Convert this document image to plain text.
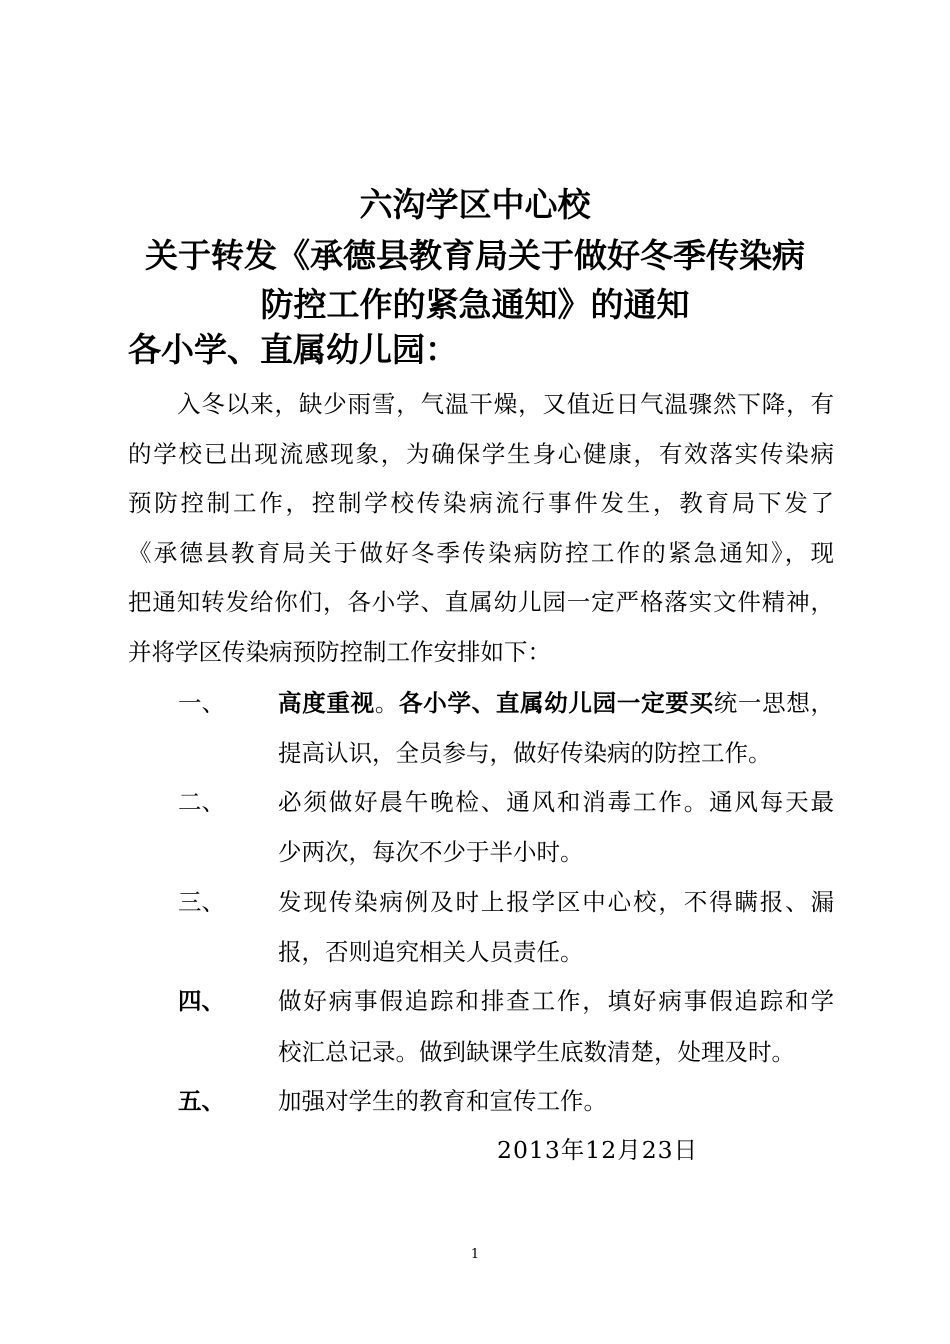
六沟学区中心校
关于转发《承德县教育局关于做好冬季传染病
防控工作的紧急通知》的通知
各小学、直属幼儿园：
入冬以来，缺少雨雪，气温干燥，又值近日气温骤然下降，有
的学校已出现流感现象，为确保学生身心健康，有效落实传染病
预防控制工作，控制学校传染病流行事件发生，教育局下发了
《承德县教育局关于做好冬季传染病防控工作的紧急通知》，现
把通知转发给你们，各小学、直属幼儿园一定严格落实文件精神，
并将学区传染病预防控制工作安排如下：
一、 高度重视。各小学、直属幼儿园一定要买统一思想，
提高认识，全员参与，做好传染病的防控工作。
二、 必须做好晨午晚检、通风和消毒工作。通风每天最
少两次，每次不少于半小时。
三、 发现传染病例及时上报学区中心校，不得瞒报、漏
报，否则追究相关人员责任。
四、 做好病事假追踪和排查工作，填好病事假追踪和学
校汇总记录。做到缺课学生底数清楚，处理及时。
五、 加强对学生的教育和宣传工作。
2013年12月23日
1
